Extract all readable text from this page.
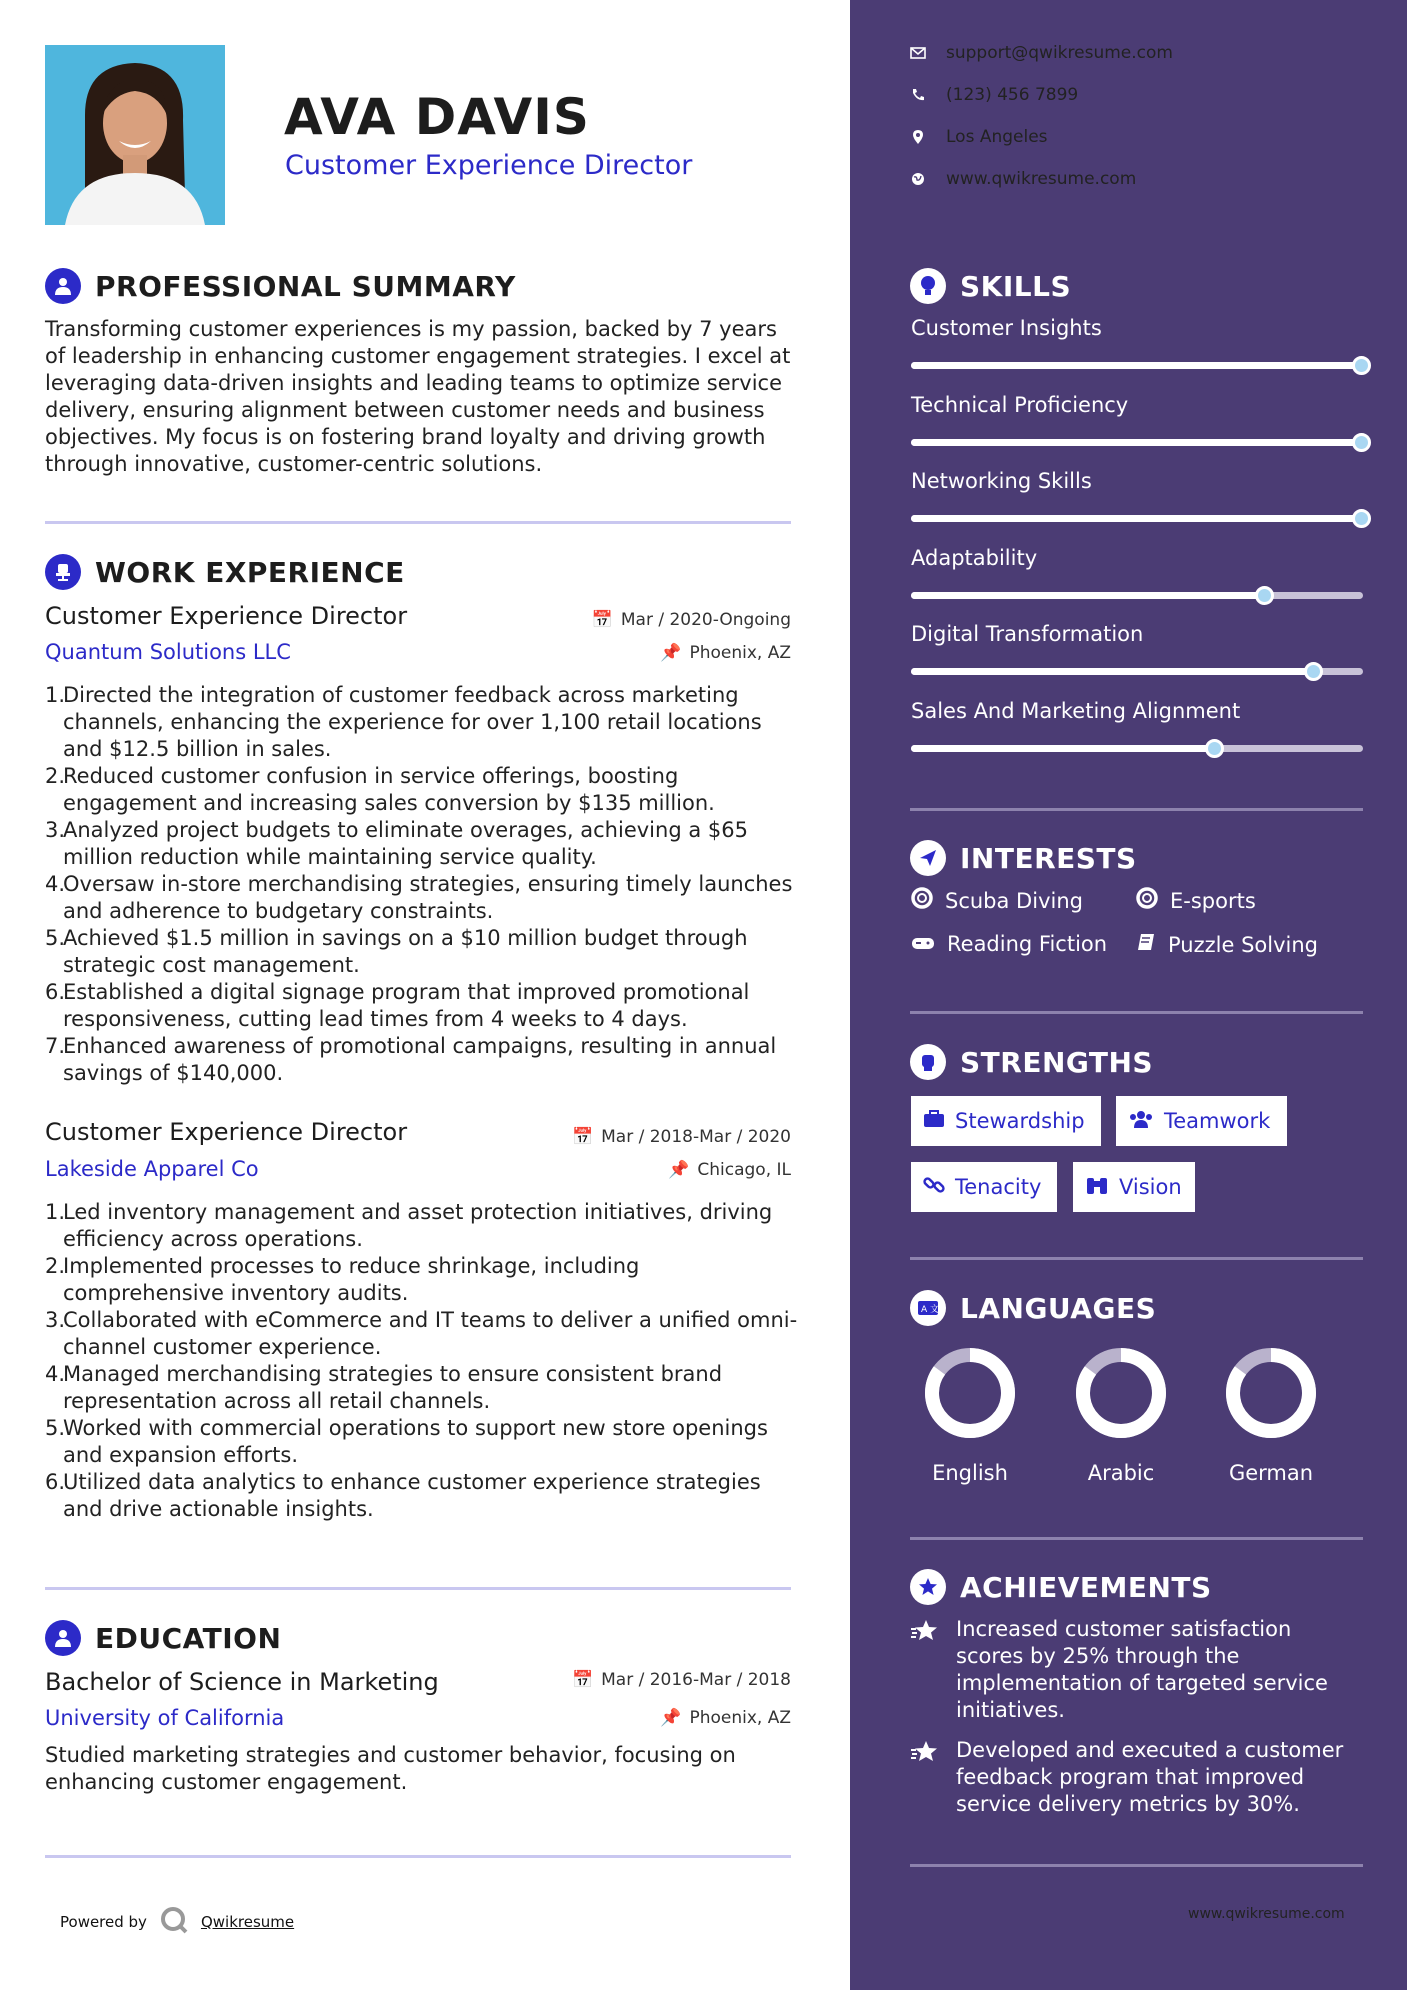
AVA DAVIS
Customer Experience Director
PROFESSIONAL SUMMARY
Transforming customer experiences is my passion, backed by 7 years of leadership in enhancing customer engagement strategies. I excel at leveraging data-driven insights and leading teams to optimize service delivery, ensuring alignment between customer needs and business objectives. My focus is on fostering brand loyalty and driving growth through innovative, customer-centric solutions.
WORK EXPERIENCE
Customer Experience Director
Quantum Solutions LLC
📅 Mar / 2020-Ongoing
📌 Phoenix, AZ
1.
Directed the integration of customer feedback across marketing channels, enhancing the experience for over 1,100 retail locations and $12.5 billion in sales.
2.
Reduced customer confusion in service offerings, boosting engagement and increasing sales conversion by $135 million.
3.
Analyzed project budgets to eliminate overages, achieving a $65 million reduction while maintaining service quality.
4.
Oversaw in-store merchandising strategies, ensuring timely launches and adherence to budgetary constraints.
5.
Achieved $1.5 million in savings on a $10 million budget through strategic cost management.
6.
Established a digital signage program that improved promotional responsiveness, cutting lead times from 4 weeks to 4 days.
7.
Enhanced awareness of promotional campaigns, resulting in annual savings of $140,000.
Customer Experience Director
Lakeside Apparel Co
📅 Mar / 2018-Mar / 2020
📌 Chicago, IL
1.
Led inventory management and asset protection initiatives, driving efficiency across operations.
2.
Implemented processes to reduce shrinkage, including comprehensive inventory audits.
3.
Collaborated with eCommerce and IT teams to deliver a unified omni-channel customer experience.
4.
Managed merchandising strategies to ensure consistent brand representation across all retail channels.
5.
Worked with commercial operations to support new store openings and expansion efforts.
6.
Utilized data analytics to enhance customer experience strategies and drive actionable insights.
EDUCATION
Bachelor of Science in Marketing
University of California
📅 Mar / 2016-Mar / 2018
📌 Phoenix, AZ
Studied marketing strategies and customer behavior, focusing on enhancing customer engagement.
Powered by	Qwikresume
support@qwikresume.com
(123) 456 7899
Los Angeles
www.qwikresume.com
SKILLS
Customer Insights
Technical Proficiency
Networking Skills
Adaptability
Digital Transformation
Sales And Marketing Alignment
INTERESTS
Scuba Diving	E-sports
Reading Fiction	Puzzle Solving
STRENGTHS
Stewardship	Teamwork
Tenacity	Vision
A 文 LANGUAGES
English	Arabic	German
ACHIEVEMENTS
Increased customer satisfaction scores by 25% through the implementation of targeted service initiatives.
Developed and executed a customer feedback program that improved service delivery metrics by 30%.
www.qwikresume.com
